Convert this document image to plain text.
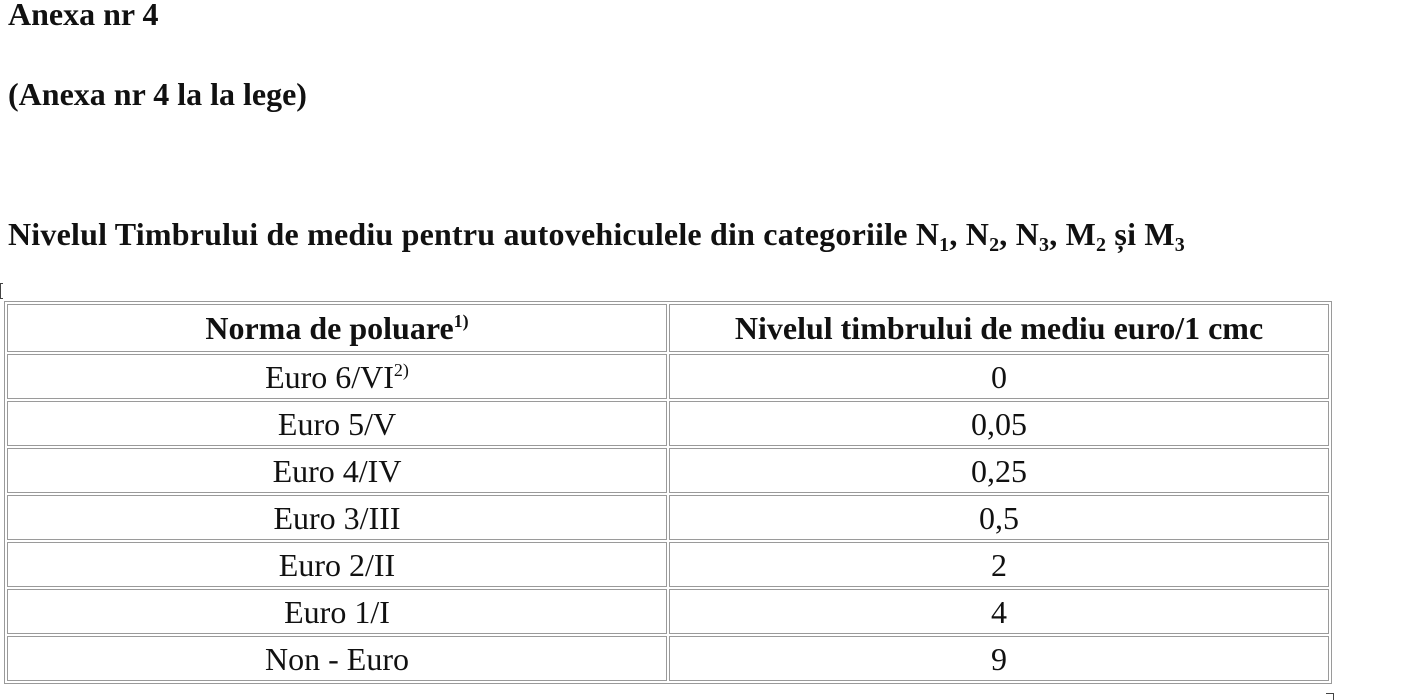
Anexa nr 4

(Anexa nr 4 la la lege)

Nivelul Timbrului de mediu pentru autovehiculele din categoriile $N_1$, $N_2$, $N_3$, $M_2$ și $M_3$

Norma de poluare$^{1)}$	Nivelul timbrului de mediu euro/1 cmc
Euro 6/VI$^{2)}$	0
Euro 5/V	0,05
Euro 4/IV	0,25
Euro 3/III	0,5
Euro 2/II	2
Euro 1/I	4
Non - Euro	9
